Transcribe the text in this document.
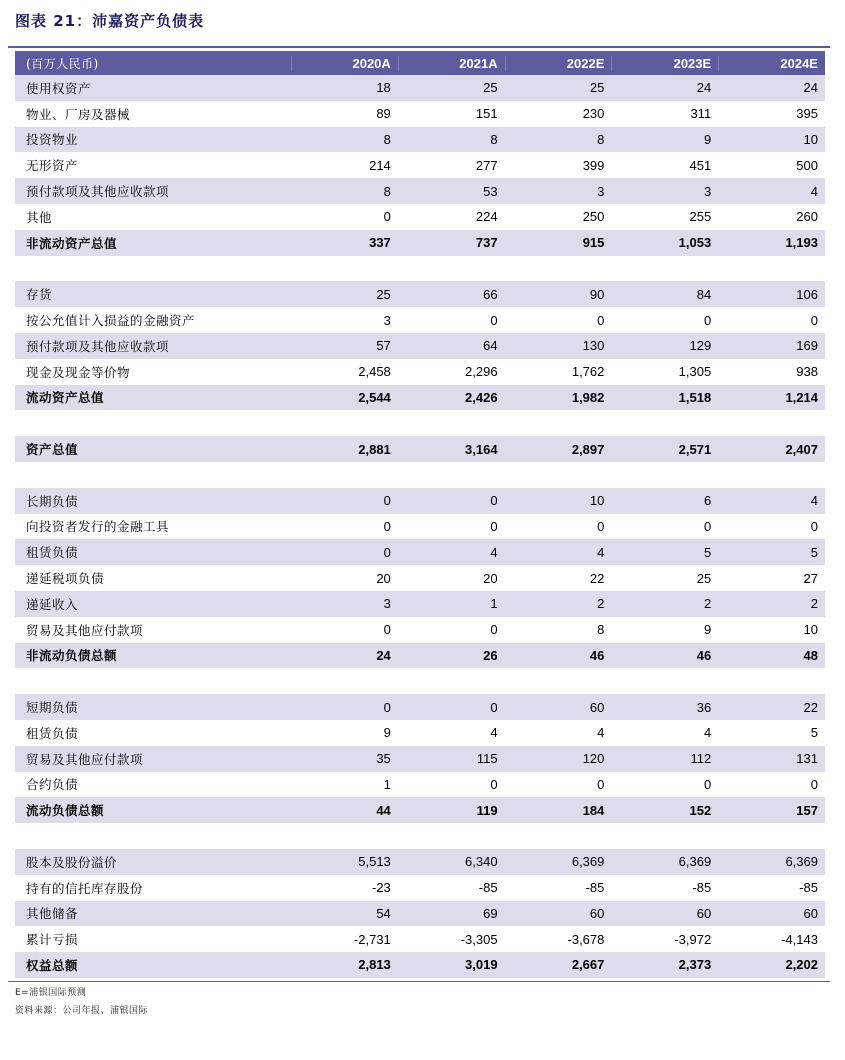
图表 21：沛嘉资产负债表
(百万人民币)	2020A	2021A	2022E	2023E	2024E
使用权资产	18	25	25	24	24
物业、厂房及器械	89	151	230	311	395
投资物业	8	8	8	9	10
无形资产	214	277	399	451	500
预付款项及其他应收款项	8	53	3	3	4
其他	0	224	250	255	260
非流动资产总值	337	737	915	1,053	1,193
存货	25	66	90	84	106
按公允值计入损益的金融资产	3	0	0	0	0
预付款项及其他应收款项	57	64	130	129	169
现金及现金等价物	2,458	2,296	1,762	1,305	938
流动资产总值	2,544	2,426	1,982	1,518	1,214
资产总值	2,881	3,164	2,897	2,571	2,407
长期负债	0	0	10	6	4
向投资者发行的金融工具	0	0	0	0	0
租赁负债	0	4	4	5	5
递延税项负债	20	20	22	25	27
递延收入	3	1	2	2	2
贸易及其他应付款项	0	0	8	9	10
非流动负债总额	24	26	46	46	48
短期负债	0	0	60	36	22
租赁负债	9	4	4	4	5
贸易及其他应付款项	35	115	120	112	131
合约负债	1	0	0	0	0
流动负债总额	44	119	184	152	157
股本及股份溢价	5,513	6,340	6,369	6,369	6,369
持有的信托库存股份	-23	-85	-85	-85	-85
其他储备	54	69	60	60	60
累计亏损	-2,731	-3,305	-3,678	-3,972	-4,143
权益总额	2,813	3,019	2,667	2,373	2,202
E=浦银国际预测
资料来源：公司年报、浦银国际
